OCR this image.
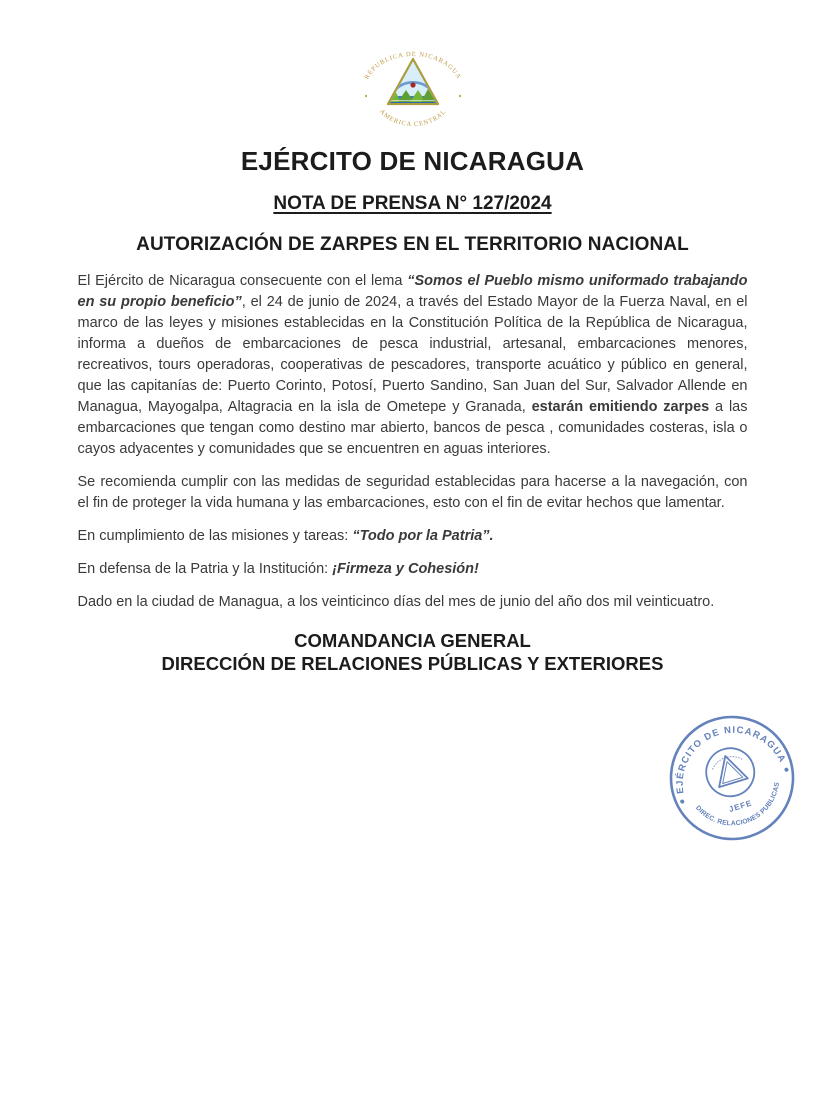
REPUBLICA DE NICARAGUA
AMERICA CENTRAL
EJÉRCITO DE NICARAGUA
NOTA DE PRENSA N° 127/2024
AUTORIZACIÓN DE ZARPES EN EL TERRITORIO NACIONAL

El Ejército de Nicaragua consecuente con el lema “Somos el Pueblo mismo uniformado trabajando en su propio beneficio”, el 24 de junio de 2024, a través del Estado Mayor de la Fuerza Naval, en el marco de las leyes y misiones establecidas en la Constitución Política de la República de Nicaragua, informa a dueños de embarcaciones de pesca industrial, artesanal, embarcaciones menores, recreativos, tours operadoras, cooperativas de pescadores, transporte acuático y público en general, que las capitanías de: Puerto Corinto, Potosí, Puerto Sandino, San Juan del Sur, Salvador Allende en Managua, Mayogalpa, Altagracia en la isla de Ometepe y Granada, estarán emitiendo zarpes a las embarcaciones que tengan como destino mar abierto, bancos de pesca , comunidades costeras, isla o cayos adyacentes y comunidades que se encuentren en aguas interiores.

Se recomienda cumplir con las medidas de seguridad establecidas para hacerse a la navegación, con el fin de proteger la vida humana y las embarcaciones, esto con el fin de evitar hechos que lamentar.

En cumplimiento de las misiones y tareas: “Todo por la Patria”.

En defensa de la Patria y la Institución: ¡Firmeza y Cohesión!

Dado en la ciudad de Managua, a los veinticinco días del mes de junio del año dos mil veinticuatro.

COMANDANCIA GENERAL
DIRECCIÓN DE RELACIONES PÚBLICAS Y EXTERIORES
EJÉRCITO DE NICARAGUA
DIREC. RELACIONES PUBLICAS
JEFE
